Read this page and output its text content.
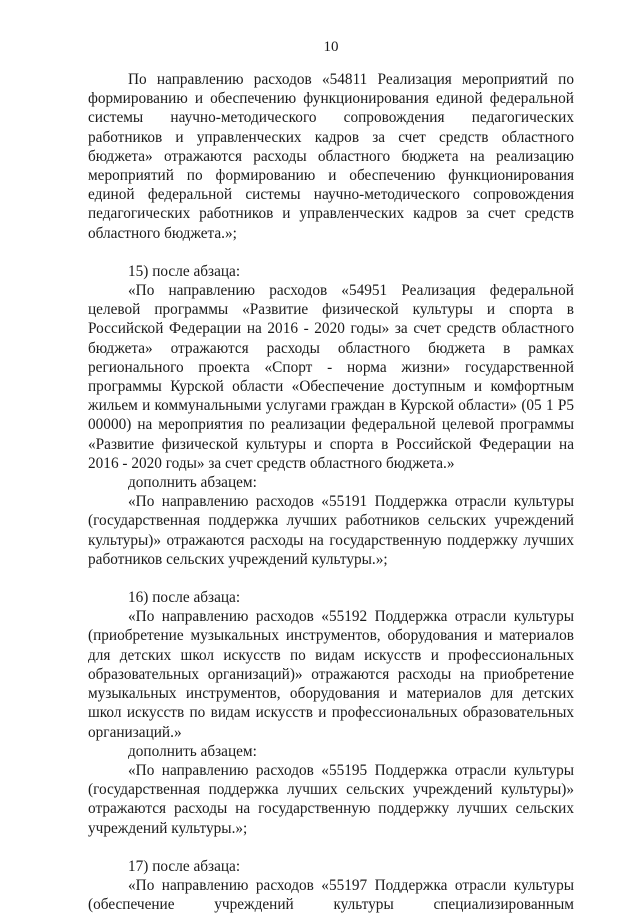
10

По направлению расходов «54811 Реализация мероприятий по формированию и обеспечению функционирования единой федеральной системы научно-методического сопровождения педагогических работников и управленческих кадров за счет средств областного бюджета» отражаются расходы областного бюджета на реализацию мероприятий по формированию и обеспечению функционирования единой федеральной системы научно-методического сопровождения педагогических работников и управленческих кадров за счет средств областного бюджета.»;

15) после абзаца:

«По направлению расходов «54951 Реализация федеральной целевой программы «Развитие физической культуры и спорта в Российской Федерации на 2016 - 2020 годы» за счет средств областного бюджета» отражаются расходы областного бюджета в рамках регионального проекта «Спорт - норма жизни» государственной программы Курской области «Обеспечение доступным и комфортным жильем и коммунальными услугами граждан в Курской области» (05 1 P5 00000) на мероприятия по реализации федеральной целевой программы «Развитие физической культуры и спорта в Российской Федерации на 2016 - 2020 годы» за счет средств областного бюджета.»

дополнить абзацем:

«По направлению расходов «55191 Поддержка отрасли культуры (государственная поддержка лучших работников сельских учреждений культуры)» отражаются расходы на государственную поддержку лучших работников сельских учреждений культуры.»;

16) после абзаца:

«По направлению расходов «55192 Поддержка отрасли культуры (приобретение музыкальных инструментов, оборудования и материалов для детских школ искусств по видам искусств и профессиональных образовательных организаций)» отражаются расходы на приобретение музыкальных инструментов, оборудования и материалов для детских школ искусств по видам искусств и профессиональных образовательных организаций.»

дополнить абзацем:

«По направлению расходов «55195 Поддержка отрасли культуры (государственная поддержка лучших сельских учреждений культуры)» отражаются расходы на государственную поддержку лучших сельских учреждений культуры.»;

17) после абзаца:

«По направлению расходов «55197 Поддержка отрасли культуры (обеспечение учреждений культуры специализированным
